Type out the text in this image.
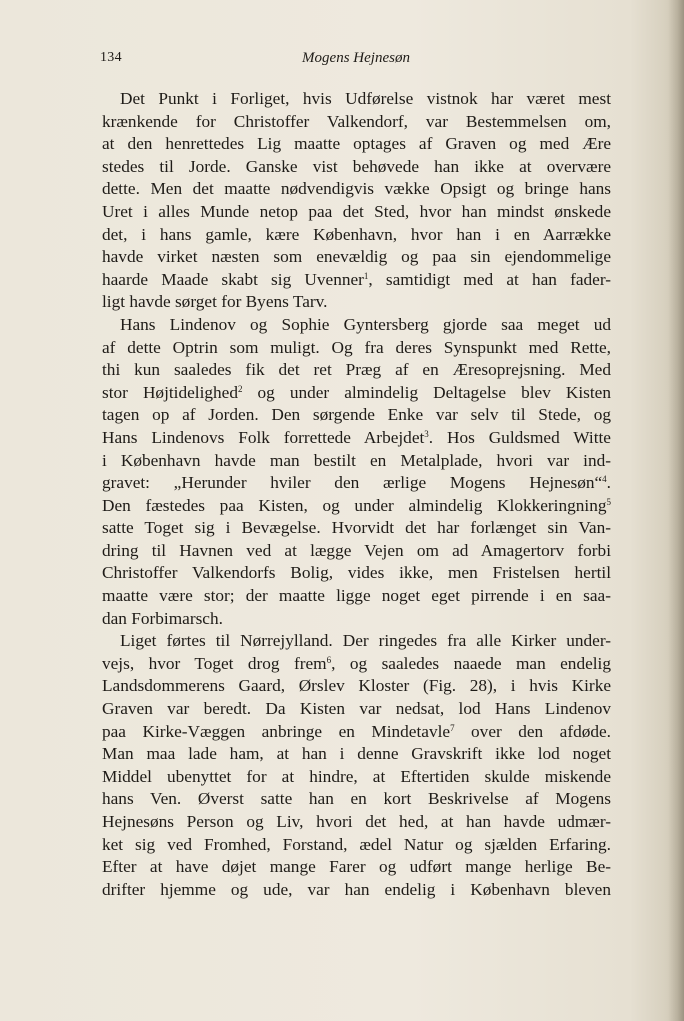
134	Mogens Hejnesøn
Det Punkt i Forliget, hvis Udførelse vistnok har været mest
krænkende for Christoffer Valkendorf, var Bestemmelsen om,
at den henrettedes Lig maatte optages af Graven og med Ære
stedes til Jorde. Ganske vist behøvede han ikke at overvære
dette. Men det maatte nødvendigvis vække Opsigt og bringe hans
Uret i alles Munde netop paa det Sted, hvor han mindst ønskede
det, i hans gamle, kære København, hvor han i en Aarrække
havde virket næsten som enevældig og paa sin ejendommelige
haarde Maade skabt sig Uvenner$^1$, samtidigt med at han fader-
ligt havde sørget for Byens Tarv.
Hans Lindenov og Sophie Gyntersberg gjorde saa meget ud
af dette Optrin som muligt. Og fra deres Synspunkt med Rette,
thi kun saaledes fik det ret Præg af en Æresoprejsning. Med
stor Højtidelighed$^2$ og under almindelig Deltagelse blev Kisten
tagen op af Jorden. Den sørgende Enke var selv til Stede, og
Hans Lindenovs Folk forrettede Arbejdet$^3$. Hos Guldsmed Witte
i København havde man bestilt en Metalplade, hvori var ind-
gravet: „Herunder hviler den ærlige Mogens Hejnesøn“$^4$.
Den fæstedes paa Kisten, og under almindelig Klokkeringning$^5$
satte Toget sig i Bevægelse. Hvorvidt det har forlænget sin Van-
dring til Havnen ved at lægge Vejen om ad Amagertorv forbi
Christoffer Valkendorfs Bolig, vides ikke, men Fristelsen hertil
maatte være stor; der maatte ligge noget eget pirrende i en saa-
dan Forbimarsch.
Liget førtes til Nørrejylland. Der ringedes fra alle Kirker under-
vejs, hvor Toget drog frem$^6$, og saaledes naaede man endelig
Landsdommerens Gaard, Ørslev Kloster (Fig. 28), i hvis Kirke
Graven var beredt. Da Kisten var nedsat, lod Hans Lindenov
paa Kirke-Væggen anbringe en Mindetavle$^7$ over den afdøde.
Man maa lade ham, at han i denne Gravskrift ikke lod noget
Middel ubenyttet for at hindre, at Eftertiden skulde miskende
hans Ven. Øverst satte han en kort Beskrivelse af Mogens
Hejnesøns Person og Liv, hvori det hed, at han havde udmær-
ket sig ved Fromhed, Forstand, ædel Natur og sjælden Erfaring.
Efter at have døjet mange Farer og udført mange herlige Be-
drifter hjemme og ude, var han endelig i København bleven
